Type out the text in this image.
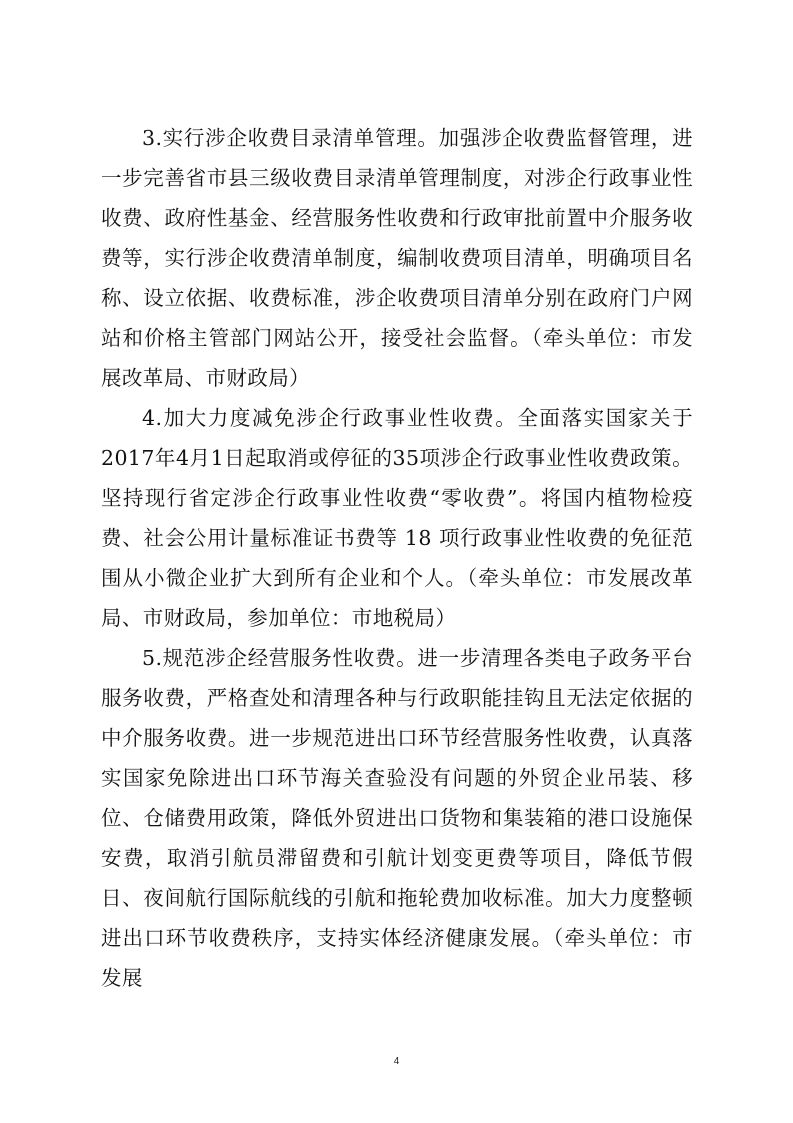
3.实行涉企收费目录清单管理。加强涉企收费监督管理，进一步完善省市县三级收费目录清单管理制度，对涉企行政事业性收费、政府性基金、经营服务性收费和行政审批前置中介服务收费等，实行涉企收费清单制度，编制收费项目清单，明确项目名称、设立依据、收费标准，涉企收费项目清单分别在政府门户网站和价格主管部门网站公开，接受社会监督。（牵头单位：市发展改革局、市财政局）

4.加大力度减免涉企行政事业性收费。全面落实国家关于2017年4月1日起取消或停征的35项涉企行政事业性收费政策。坚持现行省定涉企行政事业性收费“零收费”。将国内植物检疫费、社会公用计量标准证书费等 18 项行政事业性收费的免征范围从小微企业扩大到所有企业和个人。（牵头单位：市发展改革局、市财政局，参加单位：市地税局）

5.规范涉企经营服务性收费。进一步清理各类电子政务平台服务收费，严格查处和清理各种与行政职能挂钩且无法定依据的中介服务收费。进一步规范进出口环节经营服务性收费，认真落实国家免除进出口环节海关查验没有问题的外贸企业吊装、移位、仓储费用政策，降低外贸进出口货物和集装箱的港口设施保安费，取消引航员滞留费和引航计划变更费等项目，降低节假日、夜间航行国际航线的引航和拖轮费加收标准。加大力度整顿进出口环节收费秩序，支持实体经济健康发展。（牵头单位：市发展

4
